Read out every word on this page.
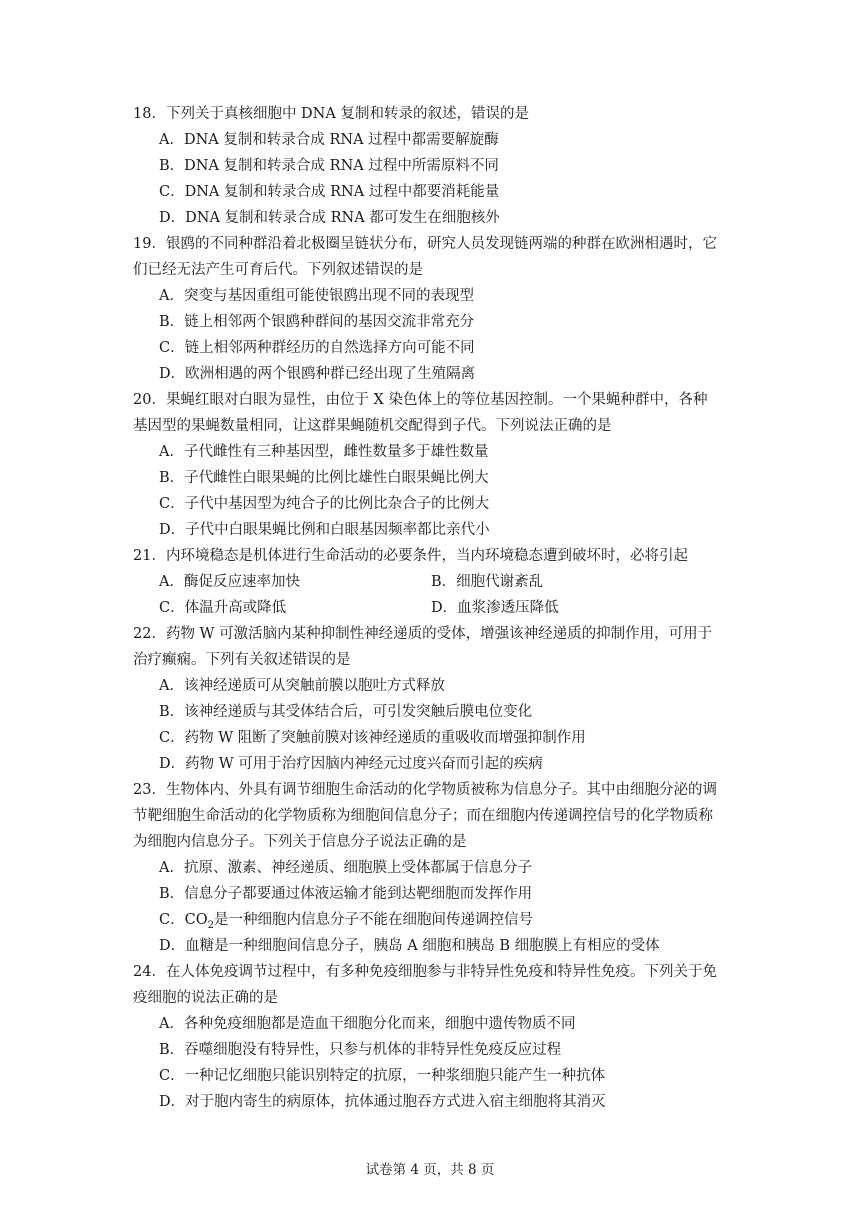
18．下列关于真核细胞中 DNA 复制和转录的叙述，错误的是
A．DNA 复制和转录合成 RNA 过程中都需要解旋酶
B．DNA 复制和转录合成 RNA 过程中所需原料不同
C．DNA 复制和转录合成 RNA 过程中都要消耗能量
D．DNA 复制和转录合成 RNA 都可发生在细胞核外
19．银鸥的不同种群沿着北极圈呈链状分布，研究人员发现链两端的种群在欧洲相遇时，它
们已经无法产生可育后代。下列叙述错误的是
A．突变与基因重组可能使银鸥出现不同的表现型
B．链上相邻两个银鸥种群间的基因交流非常充分
C．链上相邻两种群经历的自然选择方向可能不同
D．欧洲相遇的两个银鸥种群已经出现了生殖隔离
20．果蝇红眼对白眼为显性，由位于 X 染色体上的等位基因控制。一个果蝇种群中，各种
基因型的果蝇数量相同，让这群果蝇随机交配得到子代。下列说法正确的是
A．子代雌性有三种基因型，雌性数量多于雄性数量
B．子代雌性白眼果蝇的比例比雄性白眼果蝇比例大
C．子代中基因型为纯合子的比例比杂合子的比例大
D．子代中白眼果蝇比例和白眼基因频率都比亲代小
21．内环境稳态是机体进行生命活动的必要条件，当内环境稳态遭到破坏时，必将引起
A．酶促反应速率加快	B．细胞代谢紊乱
C．体温升高或降低	D．血浆渗透压降低
22．药物 W 可激活脑内某种抑制性神经递质的受体，增强该神经递质的抑制作用，可用于
治疗癫痫。下列有关叙述错误的是
A．该神经递质可从突触前膜以胞吐方式释放
B．该神经递质与其受体结合后，可引发突触后膜电位变化
C．药物 W 阻断了突触前膜对该神经递质的重吸收而增强抑制作用
D．药物 W 可用于治疗因脑内神经元过度兴奋而引起的疾病
23．生物体内、外具有调节细胞生命活动的化学物质被称为信息分子。其中由细胞分泌的调
节靶细胞生命活动的化学物质称为细胞间信息分子；而在细胞内传递调控信号的化学物质称
为细胞内信息分子。下列关于信息分子说法正确的是
A．抗原、激素、神经递质、细胞膜上受体都属于信息分子
B．信息分子都要通过体液运输才能到达靶细胞而发挥作用
C．$CO_2$是一种细胞内信息分子不能在细胞间传递调控信号
D．血糖是一种细胞间信息分子，胰岛 A 细胞和胰岛 B 细胞膜上有相应的受体
24．在人体免疫调节过程中，有多种免疫细胞参与非特异性免疫和特异性免疫。下列关于免
疫细胞的说法正确的是
A．各种免疫细胞都是造血干细胞分化而来，细胞中遗传物质不同
B．吞噬细胞没有特异性，只参与机体的非特异性免疫反应过程
C．一种记忆细胞只能识别特定的抗原，一种浆细胞只能产生一种抗体
D．对于胞内寄生的病原体，抗体通过胞吞方式进入宿主细胞将其消灭
试卷第 4 页，共 8 页
